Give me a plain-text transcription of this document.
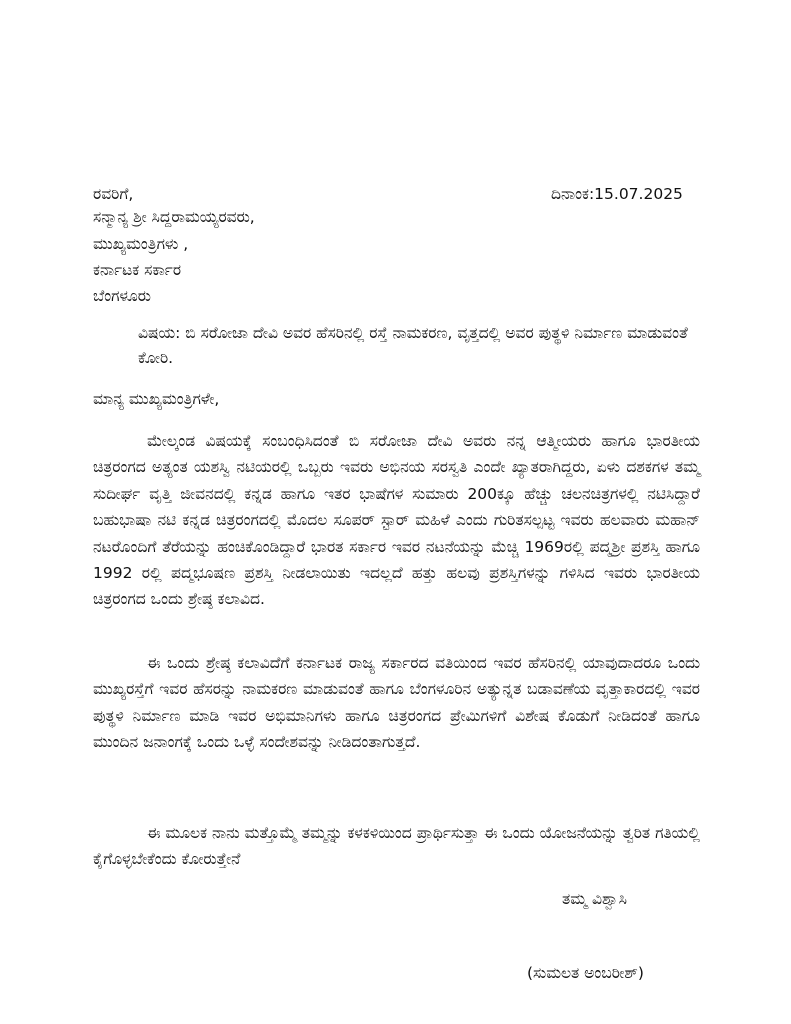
ರವರಿಗೆ,	ದಿನಾಂಕ:15.07.2025
ಸನ್ಮಾನ್ಯ ಶ್ರೀ ಸಿದ್ದರಾಮಯ್ಯರವರು,
ಮುಖ್ಯಮಂತ್ರಿಗಳು ,
ಕರ್ನಾಟಕ ಸರ್ಕಾರ
ಬೆಂಗಳೂರು
ವಿಷಯ: ಬಿ ಸರೋಜಾ ದೇವಿ ಅವರ ಹೆಸರಿನಲ್ಲಿ ರಸ್ತೆ ನಾಮಕರಣ, ವೃತ್ತದಲ್ಲಿ ಅವರ ಪುತ್ಥಳಿ ನಿರ್ಮಾಣ ಮಾಡುವಂತೆ ಕೋರಿ.
ಮಾನ್ಯ ಮುಖ್ಯಮಂತ್ರಿಗಳೇ,
ಮೇಲ್ಕಂಡ ವಿಷಯಕ್ಕೆ ಸಂಬಂಧಿಸಿದಂತೆ ಬಿ ಸರೋಜಾ ದೇವಿ ಅವರು ನನ್ನ ಆತ್ಮೀಯರು ಹಾಗೂ ಭಾರತೀಯ ಚಿತ್ರರಂಗದ ಅತ್ಯಂತ ಯಶಸ್ವಿ ನಟಿಯರಲ್ಲಿ ಒಬ್ಬರು ಇವರು ಅಭಿನಯ ಸರಸ್ವತಿ ಎಂದೇ ಖ್ಯಾತರಾಗಿದ್ದರು, ಏಳು ದಶಕಗಳ ತಮ್ಮ ಸುದೀರ್ಘ ವೃತ್ತಿ ಜೀವನದಲ್ಲಿ ಕನ್ನಡ ಹಾಗೂ ಇತರ ಭಾಷೆಗಳ ಸುಮಾರು 200ಕ್ಕೂ ಹೆಚ್ಚು ಚಲನಚಿತ್ರಗಳಲ್ಲಿ ನಟಿಸಿದ್ದಾರೆ ಬಹುಭಾಷಾ ನಟಿ ಕನ್ನಡ ಚಿತ್ರರಂಗದಲ್ಲಿ ಮೊದಲ ಸೂಪರ್ ಸ್ಟಾರ್ ಮಹಿಳೆ ಎಂದು ಗುರಿತಸಲ್ಪಟ್ಟ ಇವರು ಹಲವಾರು ಮಹಾನ್ ನಟರೊಂದಿಗೆ ತೆರೆಯನ್ನು ಹಂಚಿಕೊಂಡಿದ್ದಾರೆ ಭಾರತ ಸರ್ಕಾರ ಇವರ ನಟನೆಯನ್ನು ಮೆಚ್ಚಿ 1969ರಲ್ಲಿ ಪದ್ಮಶ್ರೀ ಪ್ರಶಸ್ತಿ ಹಾಗೂ 1992 ರಲ್ಲಿ ಪದ್ಮಭೂಷಣ ಪ್ರಶಸ್ತಿ ನೀಡಲಾಯಿತು ಇದಲ್ಲದೆ ಹತ್ತು ಹಲವು ಪ್ರಶಸ್ತಿಗಳನ್ನು ಗಳಿಸಿದ ಇವರು ಭಾರತೀಯ ಚಿತ್ರರಂಗದ ಒಂದು ಶ್ರೇಷ್ಠ ಕಲಾವಿದ.
ಈ ಒಂದು ಶ್ರೇಷ್ಠ ಕಲಾವಿದೆಗೆ ಕರ್ನಾಟಕ ರಾಜ್ಯ ಸರ್ಕಾರದ ವತಿಯಿಂದ ಇವರ ಹೆಸರಿನಲ್ಲಿ ಯಾವುದಾದರೂ ಒಂದು ಮುಖ್ಯರಸ್ತೆಗೆ ಇವರ ಹೆಸರನ್ನು ನಾಮಕರಣ ಮಾಡುವಂತೆ ಹಾಗೂ ಬೆಂಗಳೂರಿನ ಅತ್ಯುನ್ನತ ಬಡಾವಣೆಯ ವೃತ್ತಾಕಾರದಲ್ಲಿ ಇವರ ಪುತ್ಥಳಿ ನಿರ್ಮಾಣ ಮಾಡಿ ಇವರ ಅಭಿಮಾನಿಗಳು ಹಾಗೂ ಚಿತ್ರರಂಗದ ಪ್ರೇಮಿಗಳಿಗೆ ವಿಶೇಷ ಕೊಡುಗೆ ನೀಡಿದಂತೆ ಹಾಗೂ ಮುಂದಿನ ಜನಾಂಗಕ್ಕೆ ಒಂದು ಒಳ್ಳೆ ಸಂದೇಶವನ್ನು ನೀಡಿದಂತಾಗುತ್ತದೆ.
ಈ ಮೂಲಕ ನಾನು ಮತ್ತೊಮ್ಮೆ ತಮ್ಮನ್ನು ಕಳಕಳಿಯಿಂದ ಪ್ರಾರ್ಥಿಸುತ್ತಾ ಈ ಒಂದು ಯೋಜನೆಯನ್ನು ತ್ವರಿತ ಗತಿಯಲ್ಲಿ ಕೈಗೊಳ್ಳಬೇಕೆಂದು ಕೋರುತ್ತೇನೆ
ತಮ್ಮ ವಿಶ್ವಾಸಿ
(ಸುಮಲತ ಅಂಬರೀಶ್)
